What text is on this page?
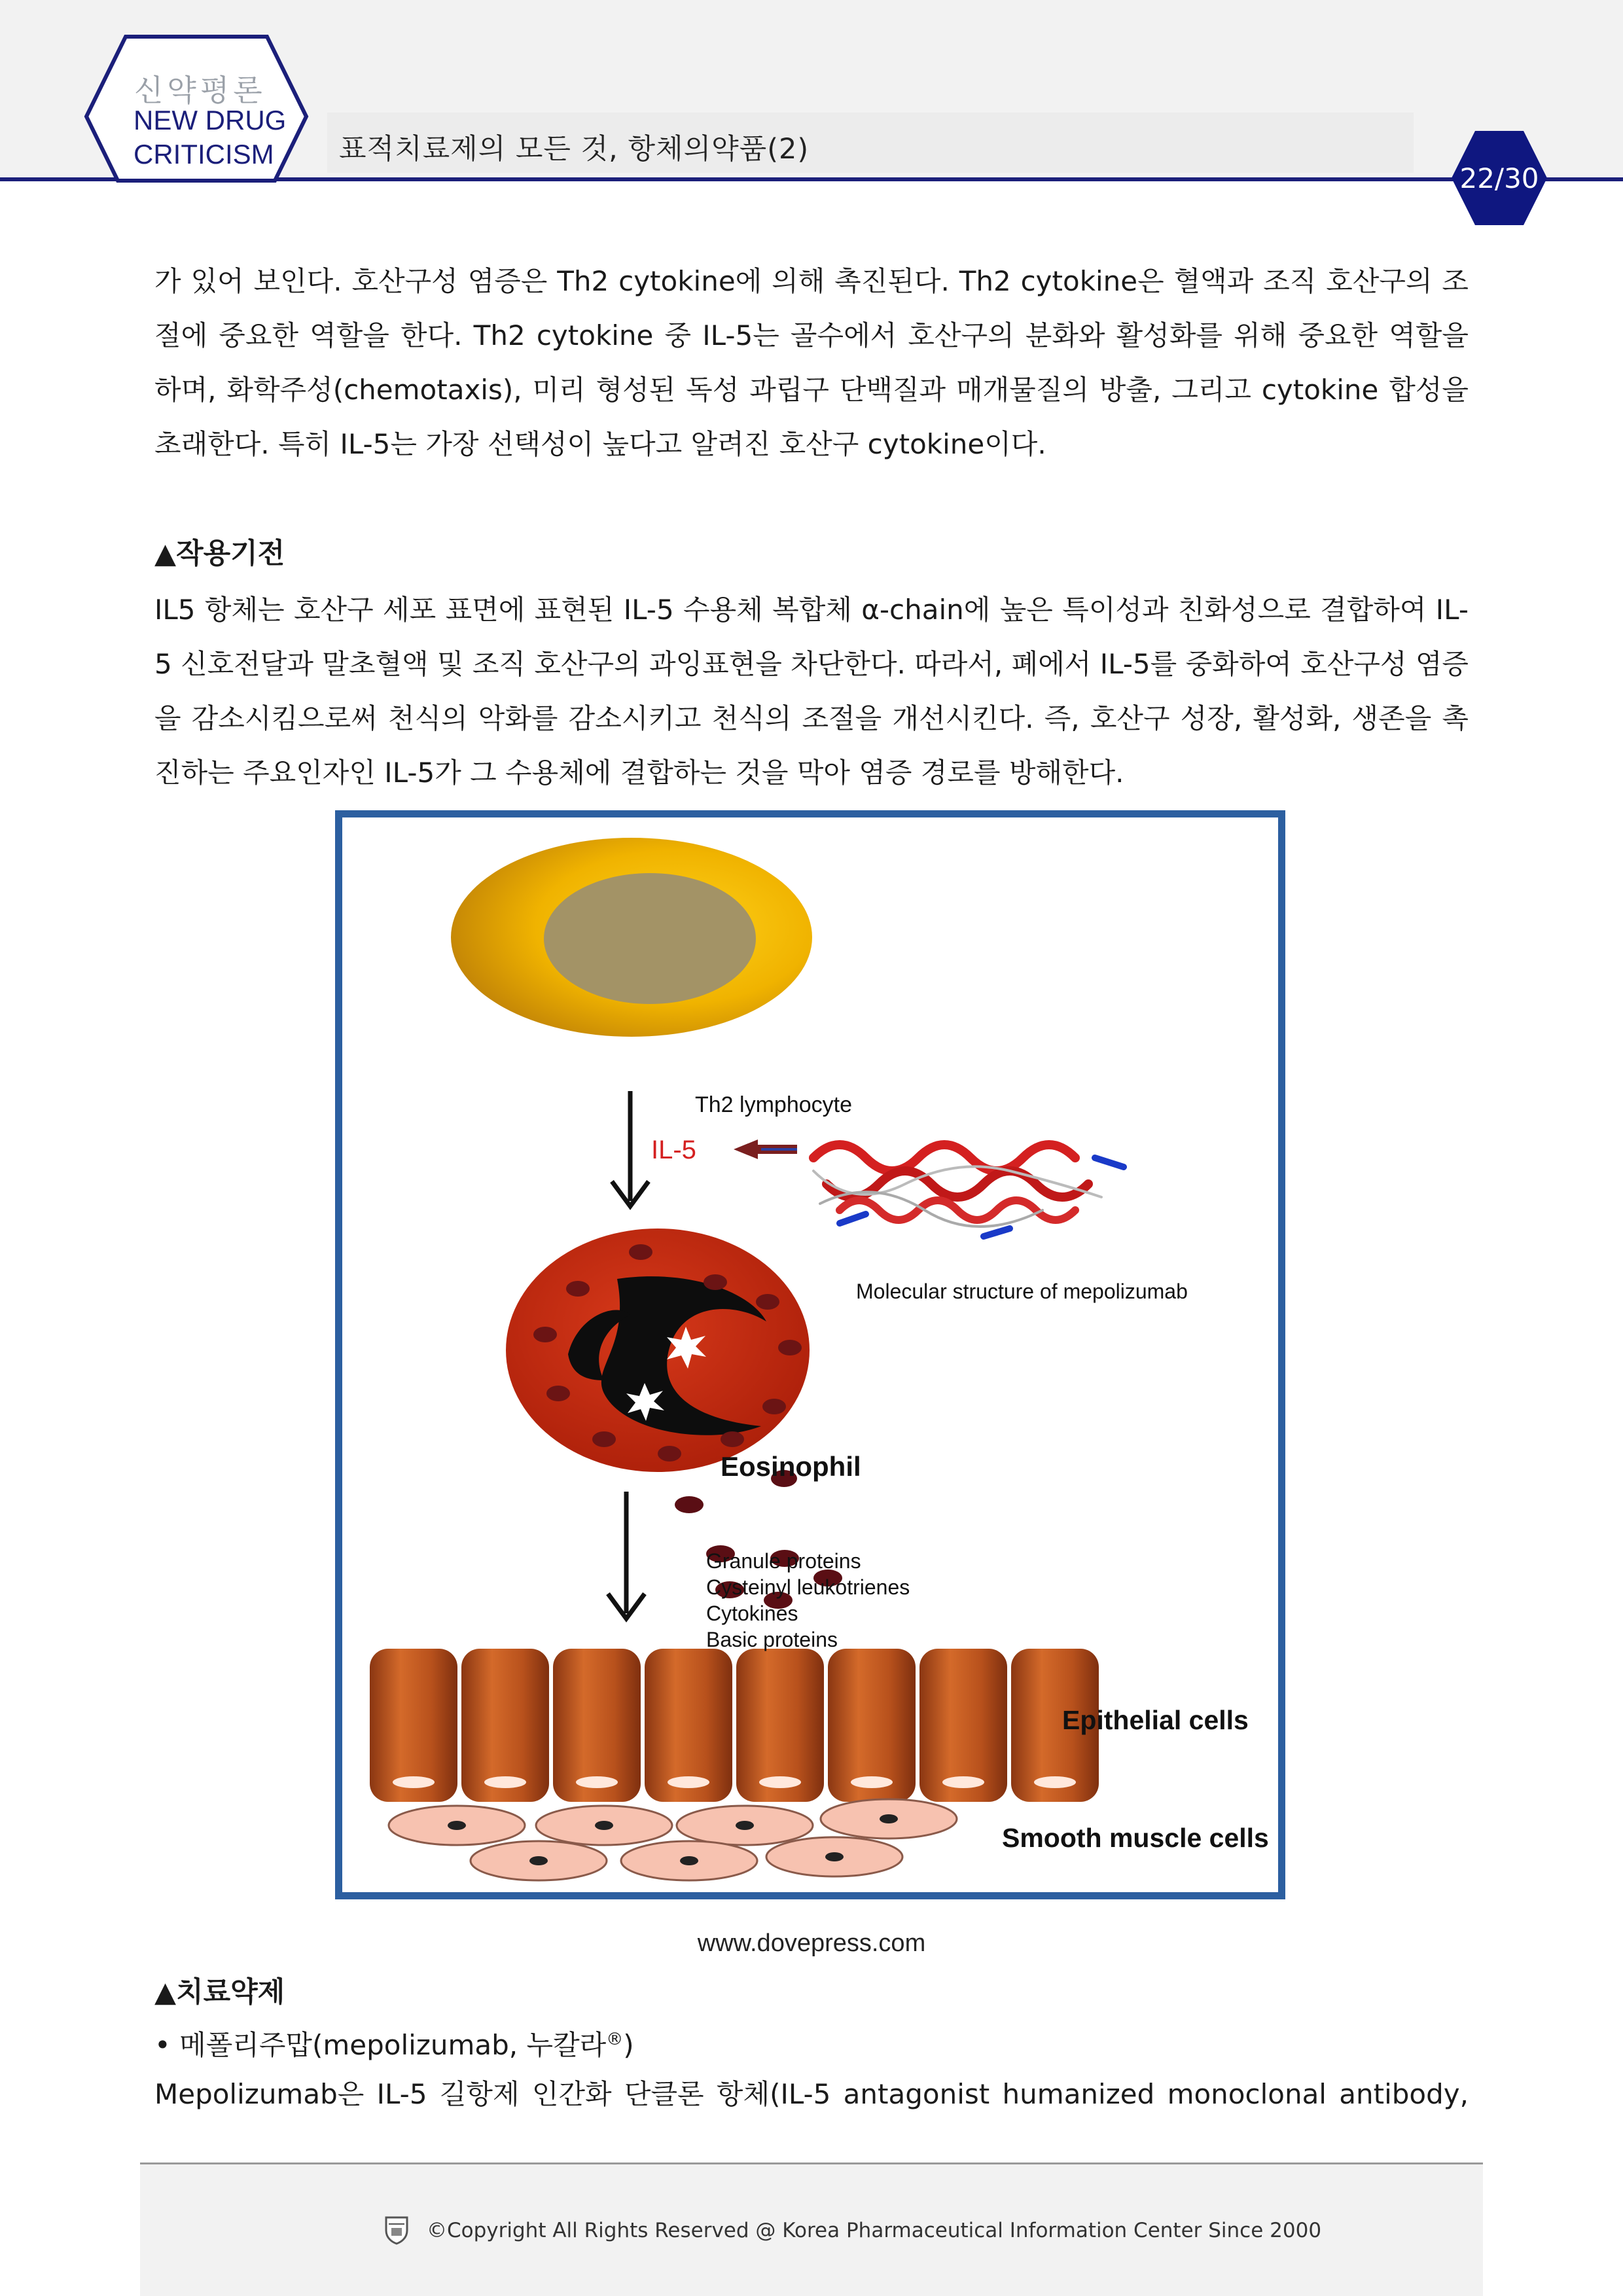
신약평론
NEW DRUG
CRITICISM 표적치료제의 모든 것, 항체의약품(2)
22/30

가 있어 보인다. 호산구성 염증은 Th2 cytokine에 의해 촉진된다. Th2 cytokine은 혈액과 조직 호산구의 조절에 중요한 역할을 한다. Th2 cytokine 중 IL-5는 골수에서 호산구의 분화와 활성화를 위해 중요한 역할을 하며, 화학주성(chemotaxis), 미리 형성된 독성 과립구 단백질과 매개물질의 방출, 그리고 cytokine 합성을 초래한다. 특히 IL-5는 가장 선택성이 높다고 알려진 호산구 cytokine이다.

▲작용기전

IL5 항체는 호산구 세포 표면에 표현된 IL-5 수용체 복합체 α-chain에 높은 특이성과 친화성으로 결합하여 IL-5 신호전달과 말초혈액 및 조직 호산구의 과잉표현을 차단한다. 따라서, 폐에서 IL-5를 중화하여 호산구성 염증을 감소시킴으로써 천식의 악화를 감소시키고 천식의 조절을 개선시킨다. 즉, 호산구 성장, 활성화, 생존을 촉진하는 주요인자인 IL-5가 그 수용체에 결합하는 것을 막아 염증 경로를 방해한다.

Th2 lymphocyte
IL-5
Molecular structure of mepolizumab
Eosinophil
Granule proteins
Cysteinyl leukotrienes
Cytokines
Basic proteins
Epithelial cells
Smooth muscle cells
www.dovepress.com
▲치료약제
• 메폴리주맙(mepolizumab, 누칼라®)

Mepolizumab은 IL-5 길항제 인간화 단클론 항체(IL-5 antagonist humanized monoclonal antibody,

©Copyright All Rights Reserved @ Korea Pharmaceutical Information Center Since 2000
